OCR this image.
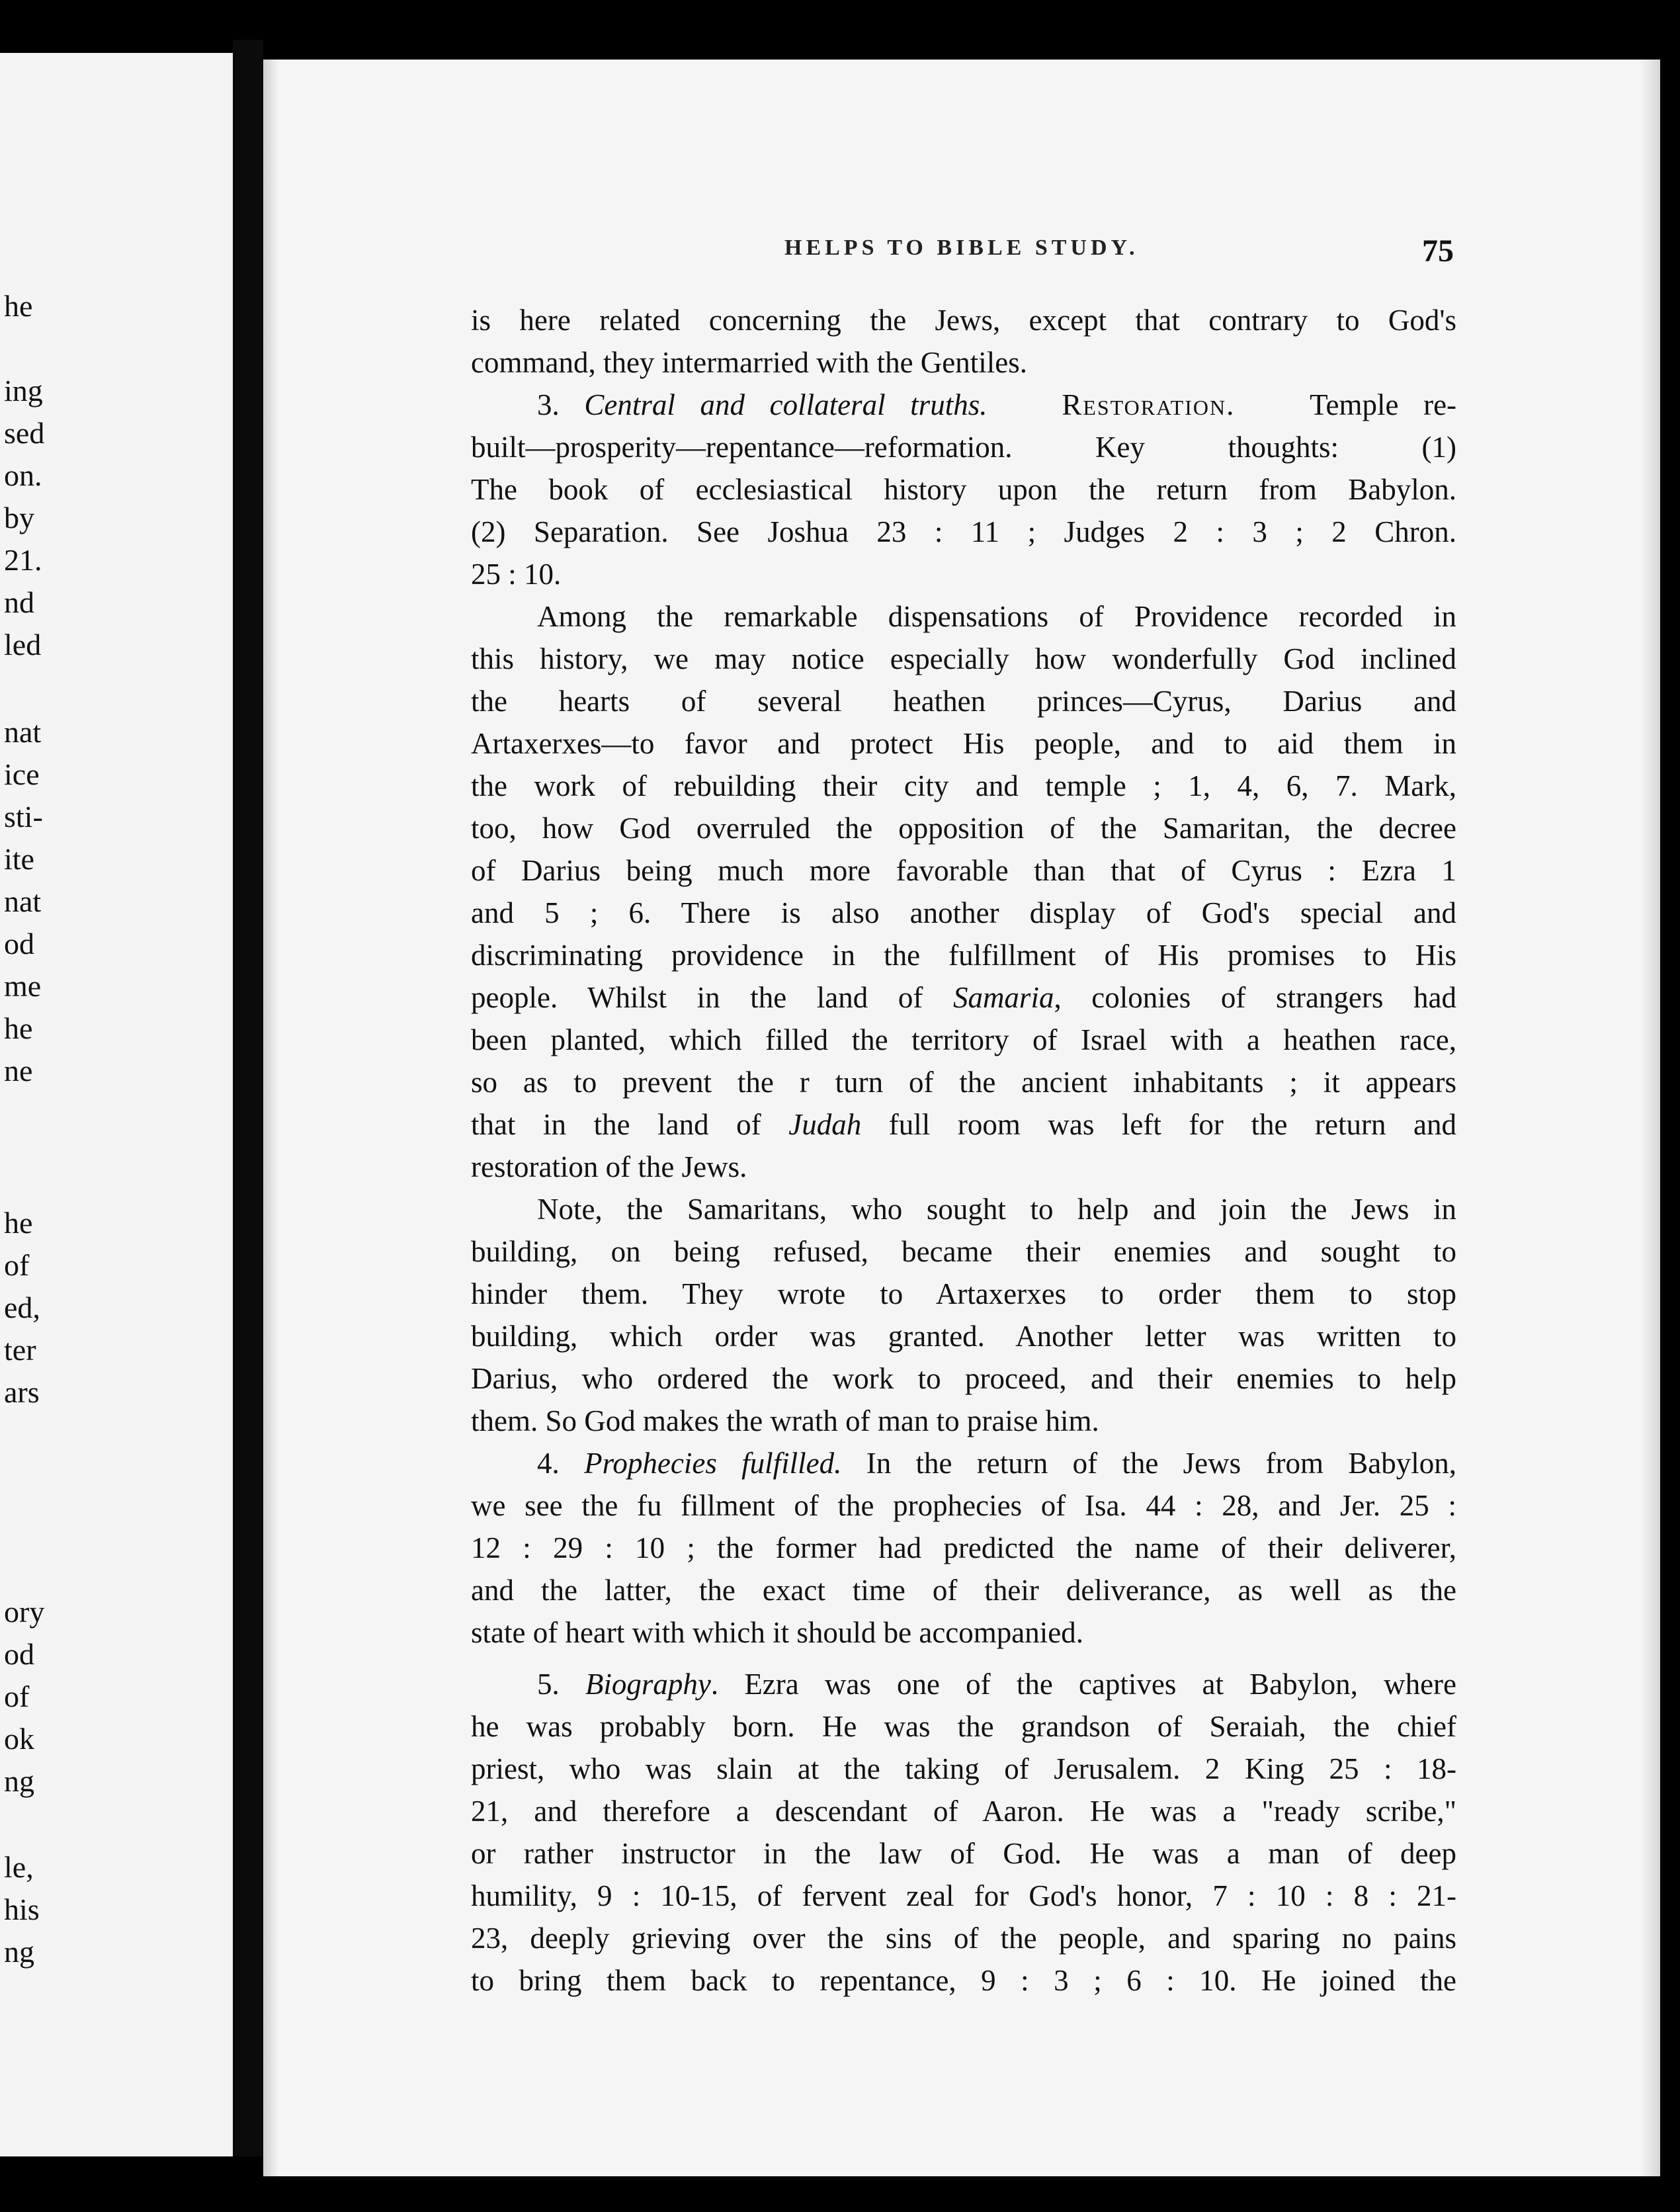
he
ing
sed
on.
by
21.
nd
led
nat
ice
sti-
ite
nat
od
me
he
ne
he
of
ed,
ter
ars
ory
od
of
ok
ng
le,
his
ng
HELPS TO BIBLE STUDY.	75
is here related concerning the Jews, except that contrary to God's
command, they intermarried with the Gentiles.
3. Central and collateral truths.	Restoration.	Temple re-
built—prosperity—repentance—reformation. Key thoughts: (1)
The book of ecclesiastical history upon the return from Babylon.
(2) Separation. See Joshua 23 : 11 ; Judges 2 : 3 ; 2 Chron.
25 : 10.
Among the remarkable dispensations of Providence recorded in
this history, we may notice especially how wonderfully God inclined
the hearts of several heathen princes—Cyrus, Darius and
Artaxerxes—to favor and protect His people, and to aid them in
the work of rebuilding their city and temple ; 1, 4, 6, 7. Mark,
too, how God overruled the opposition of the Samaritan, the decree
of Darius being much more favorable than that of Cyrus : Ezra 1
and 5 ; 6. There is also another display of God's special and
discriminating providence in the fulfillment of His promises to His
people. Whilst in the land of Samaria, colonies of strangers had
been planted, which filled the territory of Israel with a heathen race,
so as to prevent the r turn of the ancient inhabitants ; it appears
that in the land of Judah full room was left for the return and
restoration of the Jews.
Note, the Samaritans, who sought to help and join the Jews in
building, on being refused, became their enemies and sought to
hinder them. They wrote to Artaxerxes to order them to stop
building, which order was granted. Another letter was written to
Darius, who ordered the work to proceed, and their enemies to help
them. So God makes the wrath of man to praise him.
4. Prophecies fulfilled. In the return of the Jews from Babylon,
we see the fu fillment of the prophecies of Isa. 44 : 28, and Jer. 25 :
12 : 29 : 10 ; the former had predicted the name of their deliverer,
and the latter, the exact time of their deliverance, as well as the
state of heart with which it should be accompanied.
5. Biography. Ezra was one of the captives at Babylon, where
he was probably born. He was the grandson of Seraiah, the chief
priest, who was slain at the taking of Jerusalem. 2 King 25 : 18-
21, and therefore a descendant of Aaron. He was a "ready scribe,"
or rather instructor in the law of God. He was a man of deep
humility, 9 : 10-15, of fervent zeal for God's honor, 7 : 10 : 8 : 21-
23, deeply grieving over the sins of the people, and sparing no pains
to bring them back to repentance, 9 : 3 ; 6 : 10. He joined the
